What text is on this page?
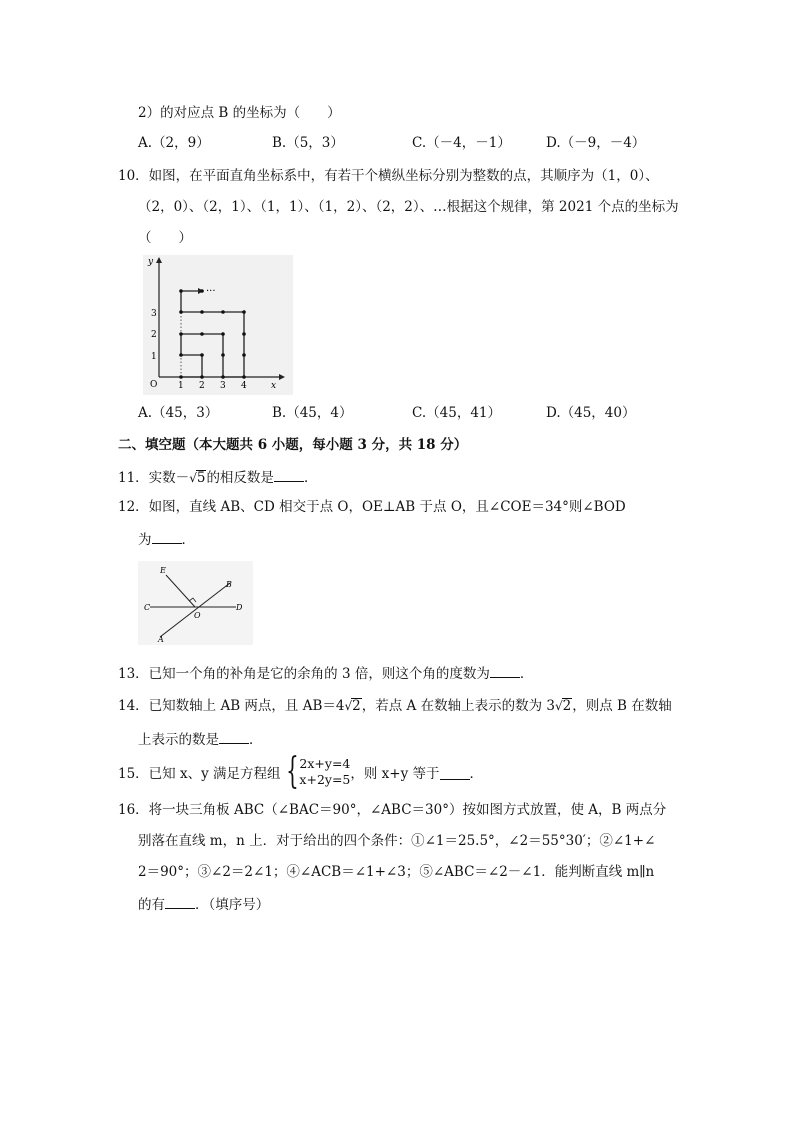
2）的对应点 B 的坐标为（　　）
A.（2，9）	B.（5，3）	C.（－4，－1）	D.（－9，－4）
10．如图，在平面直角坐标系中，有若干个横纵坐标分别为整数的点，其顺序为（1，0）、
（2，0）、（2，1）、（1，1）、（1，2）、（2，2）、…根据这个规律，第 2021 个点的坐标为
（　　）
x
y
O 1 2 3 4
1
2
3
···
A.（45，3）	B.（45，4）	C.（45，41）	D.（45，40）
二、填空题（本大题共 6 小题，每小题 3 分，共 18 分）
11．实数－√5的相反数是 ．
12．如图，直线 AB、CD 相交于点 O，OE⊥AB 于点 O，且∠COE＝34°则∠BOD
为 ．
E
B
C
O
D
A
13．已知一个角的补角是它的余角的 3 倍，则这个角的度数为 ．
14．已知数轴上 AB 两点，且 AB＝4√2，若点 A 在数轴上表示的数为 3√2，则点 B 在数轴
上表示的数是 ．
15．已知 x、y 满足方程组 { 2x+y=4
x+2y=5 ，则 x+y 等于 ．
16．将一块三角板 ABC（∠BAC＝90°，∠ABC＝30°）按如图方式放置，使 A，B 两点分
别落在直线 m，n 上．对于给出的四个条件：①∠1＝25.5°，∠2＝55°30′；②∠1+∠
2＝90°；③∠2＝2∠1；④∠ACB＝∠1+∠3；⑤∠ABC＝∠2－∠1．能判断直线 m∥n
的有 ．（填序号）
